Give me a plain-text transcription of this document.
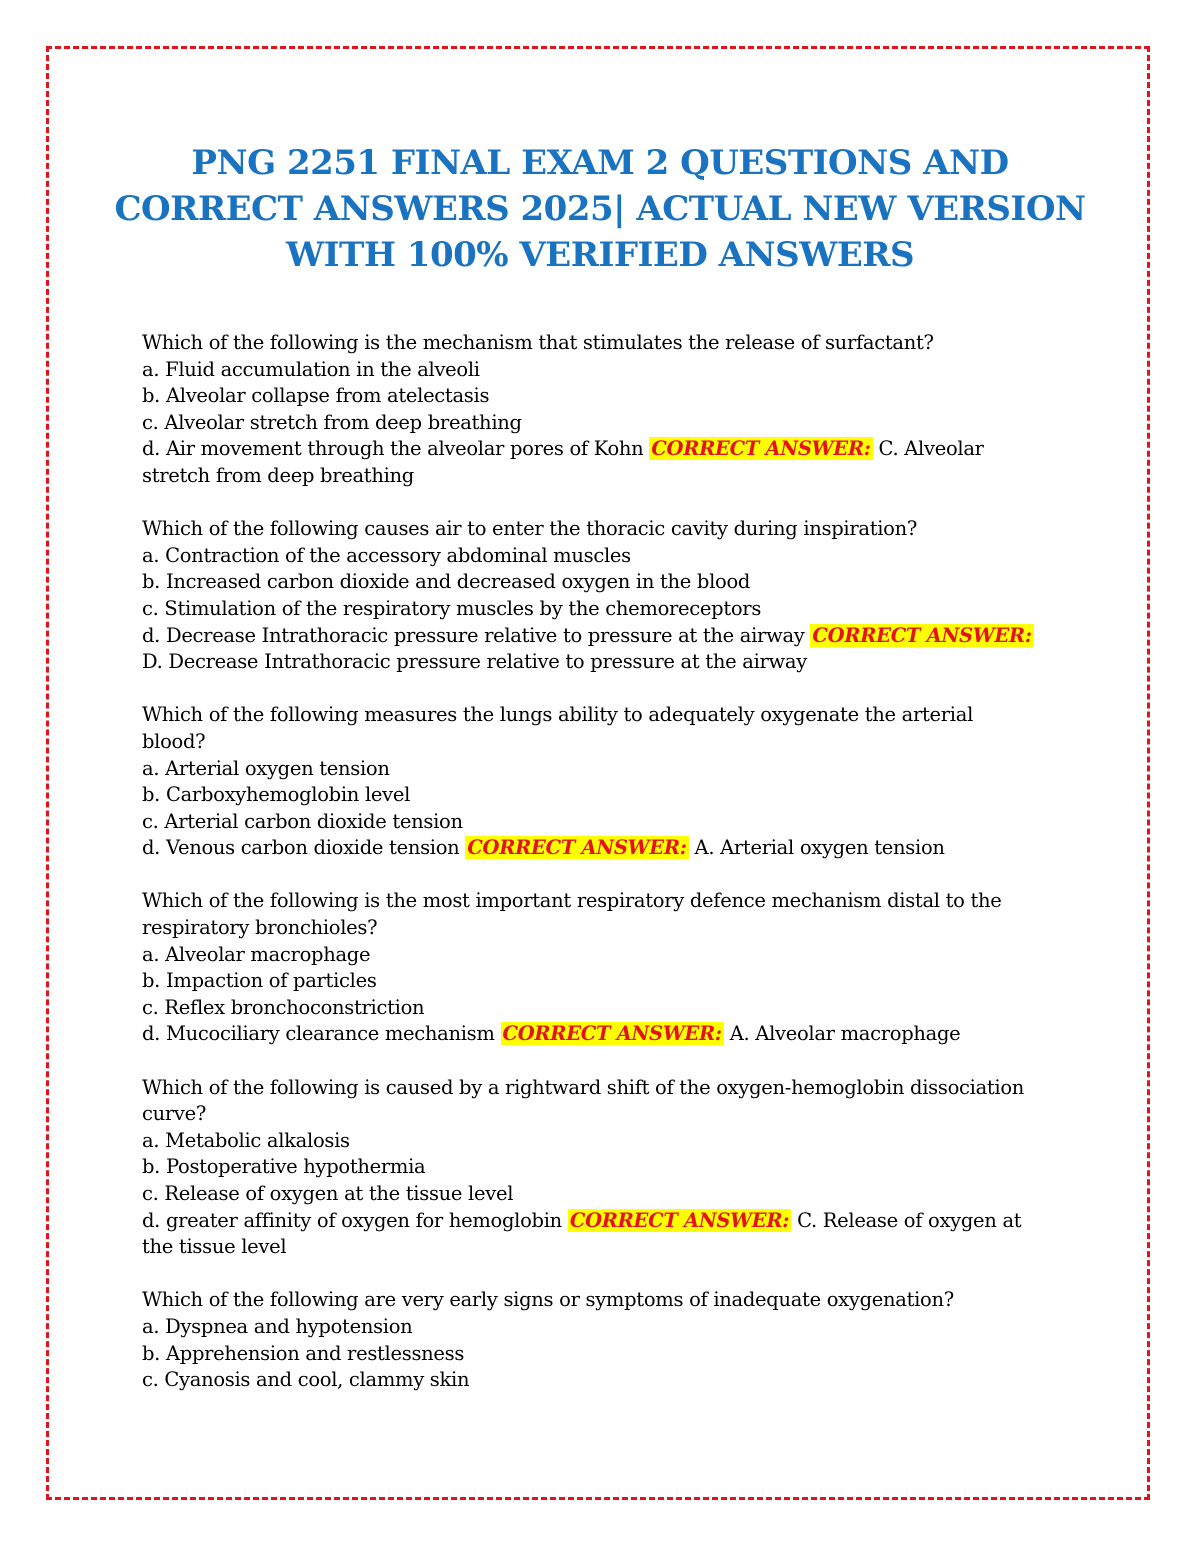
PNG 2251 FINAL EXAM 2 QUESTIONS AND CORRECT ANSWERS 2025| ACTUAL NEW VERSION WITH 100% VERIFIED ANSWERS
Which of the following is the mechanism that stimulates the release of surfactant?
a. Fluid accumulation in the alveoli
b. Alveolar collapse from atelectasis
c. Alveolar stretch from deep breathing
d. Air movement through the alveolar pores of Kohn CORRECT ANSWER: C. Alveolar stretch from deep breathing
Which of the following causes air to enter the thoracic cavity during inspiration?
a. Contraction of the accessory abdominal muscles
b. Increased carbon dioxide and decreased oxygen in the blood
c. Stimulation of the respiratory muscles by the chemoreceptors
d. Decrease Intrathoracic pressure relative to pressure at the airway CORRECT ANSWER: D. Decrease Intrathoracic pressure relative to pressure at the airway
Which of the following measures the lungs ability to adequately oxygenate the arterial blood?
a. Arterial oxygen tension
b. Carboxyhemoglobin level
c. Arterial carbon dioxide tension
d. Venous carbon dioxide tension CORRECT ANSWER: A. Arterial oxygen tension
Which of the following is the most important respiratory defence mechanism distal to the respiratory bronchioles?
a. Alveolar macrophage
b. Impaction of particles
c. Reflex bronchoconstriction
d. Mucociliary clearance mechanism CORRECT ANSWER: A. Alveolar macrophage
Which of the following is caused by a rightward shift of the oxygen-hemoglobin dissociation curve?
a. Metabolic alkalosis
b. Postoperative hypothermia
c. Release of oxygen at the tissue level
d. greater affinity of oxygen for hemoglobin CORRECT ANSWER: C. Release of oxygen at the tissue level
Which of the following are very early signs or symptoms of inadequate oxygenation?
a. Dyspnea and hypotension
b. Apprehension and restlessness
c. Cyanosis and cool, clammy skin
